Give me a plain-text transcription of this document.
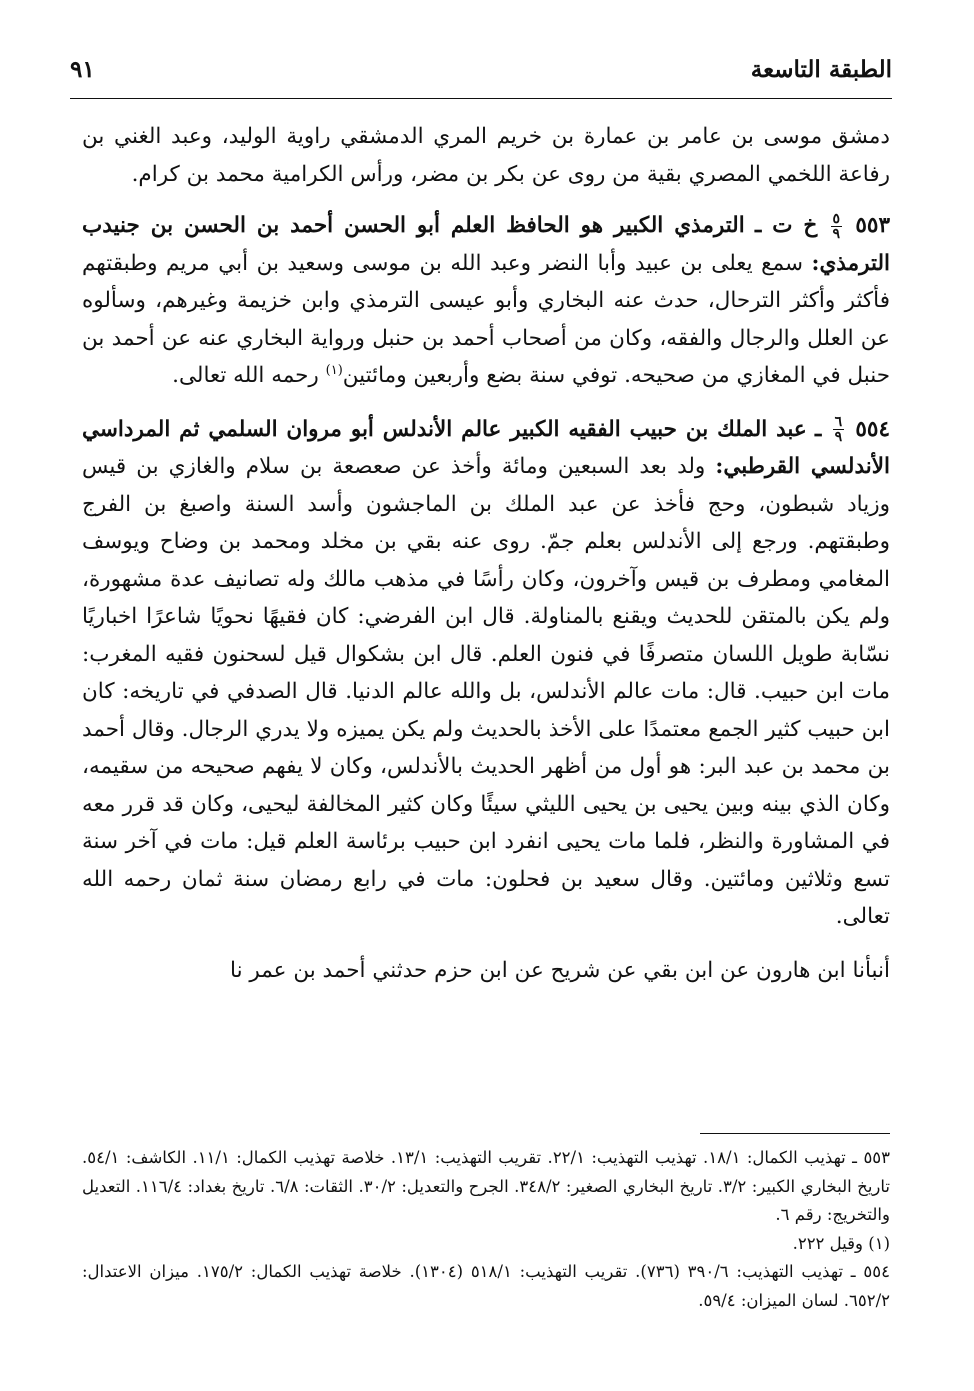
الطبقة التاسعة
٩١

دمشق موسى بن عامر بن عمارة بن خريم المري الدمشقي راوية الوليد، وعبد الغني بن رفاعة اللخمي المصري بقية من روى عن بكر بن مضر، ورأس الكرامية محمد بن كرام.

٥٥٣
$\frac{٥}{٩}$
خ ت ـ الترمذي الكبير هو الحافظ العلم أبو الحسن أحمد بن الحسن بن جنيدب الترمذي: سمع يعلى بن عبيد وأبا النضر وعبد الله بن موسى وسعيد بن أبي مريم وطبقتهم فأكثر وأكثر الترحال، حدث عنه البخاري وأبو عيسى الترمذي وابن خزيمة وغيرهم، وسألوه عن العلل والرجال والفقه، وكان من أصحاب أحمد بن حنبل ورواية البخاري عنه عن أحمد بن حنبل في المغازي من صحيحه. توفي سنة بضع وأربعين ومائتين$^{(١)}$ رحمه الله تعالى.

٥٥٤
$\frac{٦}{٩}$
ـ عبد الملك بن حبيب الفقيه الكبير عالم الأندلس أبو مروان السلمي ثم المرداسي الأندلسي القرطبي: ولد بعد السبعين ومائة وأخذ عن صعصعة بن سلام والغازي بن قيس وزياد شبطون، وحج فأخذ عن عبد الملك بن الماجشون وأسد السنة واصبغ بن الفرج وطبقتهم. ورجع إلى الأندلس بعلم جمّ. روى عنه بقي بن مخلد ومحمد بن وضاح ويوسف المغامي ومطرف بن قيس وآخرون، وكان رأسًا في مذهب مالك وله تصانيف عدة مشهورة، ولم يكن بالمتقن للحديث ويقنع بالمناولة. قال ابن الفرضي: كان فقيهًا نحويًا شاعرًا اخباريًا نسّابة طويل اللسان متصرفًا في فنون العلم. قال ابن بشكوال قيل لسحنون فقيه المغرب: مات ابن حبيب. قال: مات عالم الأندلس، بل والله عالم الدنيا. قال الصدفي في تاريخه: كان ابن حبيب كثير الجمع معتمدًا على الأخذ بالحديث ولم يكن يميزه ولا يدري الرجال. وقال أحمد بن محمد بن عبد البر: هو أول من أظهر الحديث بالأندلس، وكان لا يفهم صحيحه من سقيمه، وكان الذي بينه وبين يحيى بن يحيى الليثي سيئًا وكان كثير المخالفة ليحيى، وكان قد قرر معه في المشاورة والنظر، فلما مات يحيى انفرد ابن حبيب برئاسة العلم قيل: مات في آخر سنة تسع وثلاثين ومائتين. وقال سعيد بن فحلون: مات في رابع رمضان سنة ثمان رحمه الله تعالى.

أنبأنا ابن هارون عن ابن بقي عن شريح عن ابن حزم حدثني أحمد بن عمر نا

٥٥٣ ـ تهذيب الكمال: ١٨/١. تهذيب التهذيب: ٢٢/١. تقريب التهذيب: ١٣/١. خلاصة تهذيب الكمال: ١١/١. الكاشف: ٥٤/١. تاريخ البخاري الكبير: ٣/٢. تاريخ البخاري الصغير: ٣٤٨/٢. الجرح والتعديل: ٣٠/٢. الثقات: ٦/٨. تاريخ بغداد: ١١٦/٤. التعديل والتخريج: رقم ٦.

(١) وقيل ٢٢٢.

٥٥٤ ـ تهذيب التهذيب: ٣٩٠/٦ (٧٣٦). تقريب التهذيب: ٥١٨/١ (١٣٠٤). خلاصة تهذيب الكمال: ١٧٥/٢. ميزان الاعتدال: ٦٥٢/٢. لسان الميزان: ٥٩/٤.
